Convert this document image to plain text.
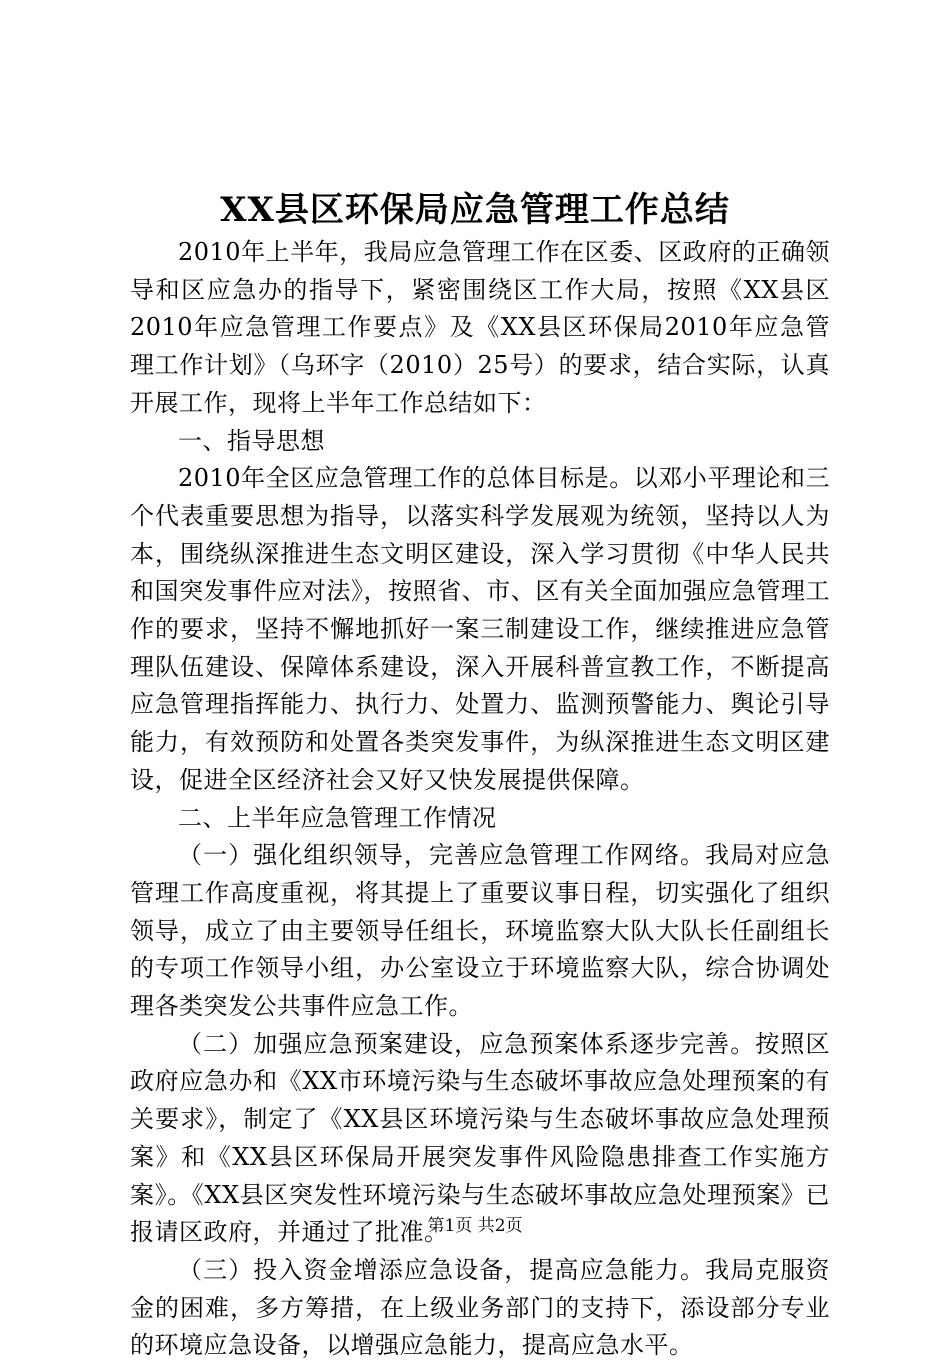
XX县区环保局应急管理工作总结

2010年上半年，我局应急管理工作在区委、区政府的正确领导和区应急办的指导下，紧密围绕区工作大局，按照《XX县区2010年应急管理工作要点》及《XX县区环保局2010年应急管理工作计划》（乌环字（2010）25号）的要求，结合实际，认真开展工作，现将上半年工作总结如下：

一、指导思想

2010年全区应急管理工作的总体目标是。以邓小平理论和三个代表重要思想为指导，以落实科学发展观为统领，坚持以人为本，围绕纵深推进生态文明区建设，深入学习贯彻《中华人民共和国突发事件应对法》，按照省、市、区有关全面加强应急管理工作的要求，坚持不懈地抓好一案三制建设工作，继续推进应急管理队伍建设、保障体系建设，深入开展科普宣教工作，不断提高应急管理指挥能力、执行力、处置力、监测预警能力、舆论引导能力，有效预防和处置各类突发事件，为纵深推进生态文明区建设，促进全区经济社会又好又快发展提供保障。

二、上半年应急管理工作情况

（一）强化组织领导，完善应急管理工作网络。我局对应急管理工作高度重视，将其提上了重要议事日程，切实强化了组织领导，成立了由主要领导任组长，环境监察大队大队长任副组长的专项工作领导小组，办公室设立于环境监察大队，综合协调处理各类突发公共事件应急工作。

（二）加强应急预案建设，应急预案体系逐步完善。按照区政府应急办和《XX市环境污染与生态破坏事故应急处理预案的有关要求》，制定了《XX县区环境污染与生态破坏事故应急处理预案》和《XX县区环保局开展突发事件风险隐患排查工作实施方案》。《XX县区突发性环境污染与生态破坏事故应急处理预案》已报请区政府，并通过了批准。

（三）投入资金增添应急设备，提高应急能力。我局克服资金的困难，多方筹措，在上级业务部门的支持下，添设部分专业的环境应急设备，以增强应急能力，提高应急水平。

第1页 共2页
